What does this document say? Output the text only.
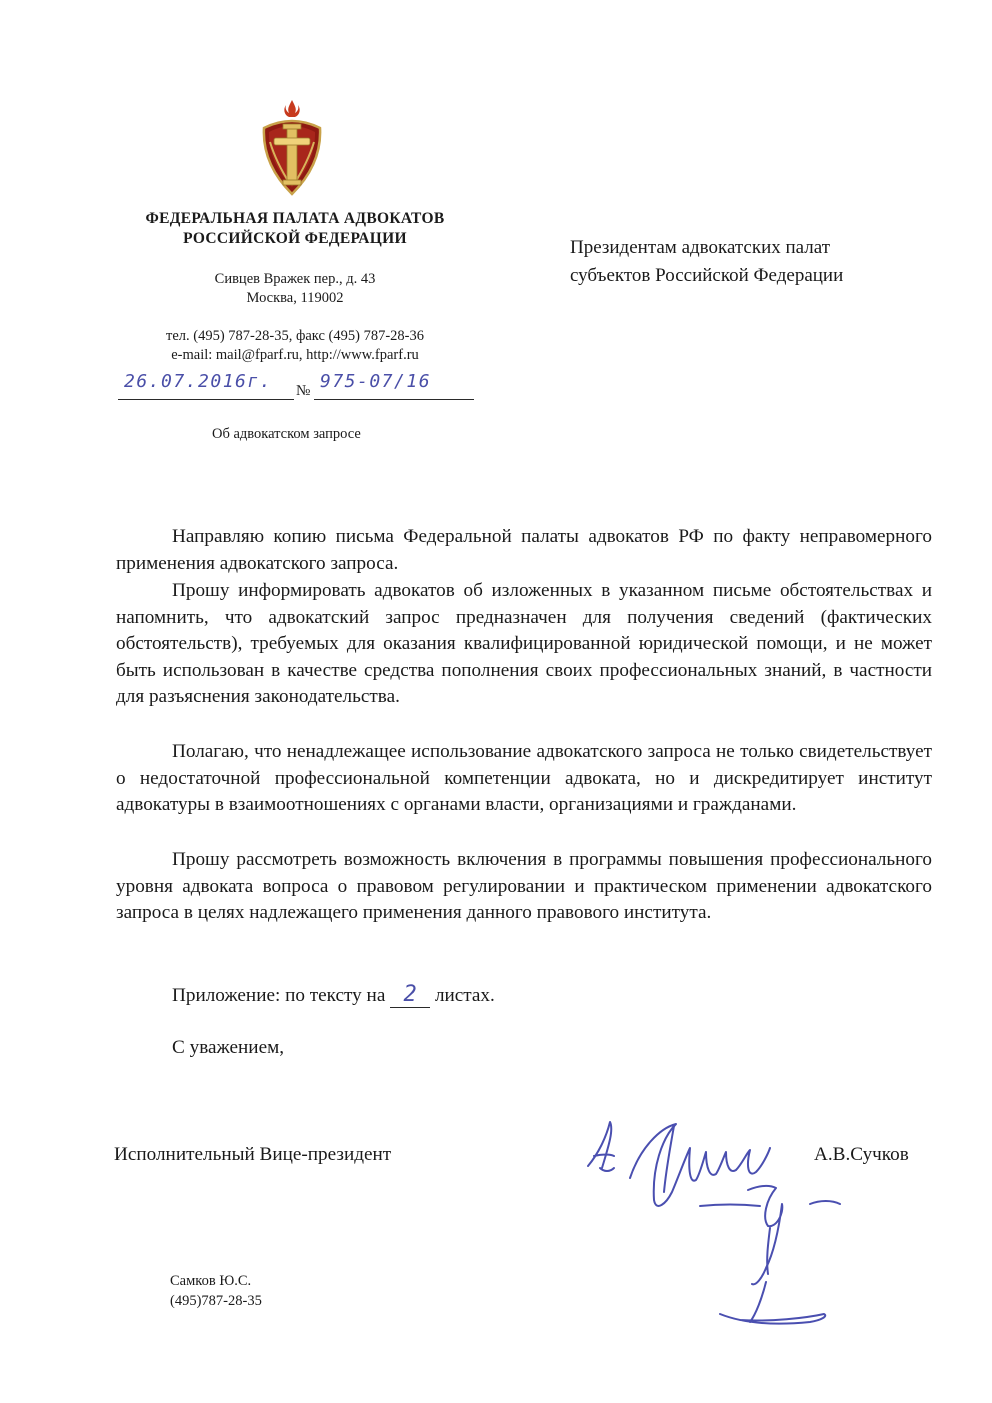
ФЕДЕРАЛЬНАЯ ПАЛАТА АДВОКАТОВ
РОССИЙСКОЙ ФЕДЕРАЦИИ
Сивцев Вражек пер., д. 43
Москва, 119002
тел. (495) 787-28-35, факс (495) 787-28-36
e-mail: mail@fparf.ru, http://www.fparf.ru
26.07.2016г. № 975-07/16
Об адвокатском запросе
Президентам адвокатских палат
субъектов Российской Федерации
Направляю копию письма Федеральной палаты адвокатов РФ по факту неправомерного применения адвокатского запроса.
Прошу информировать адвокатов об изложенных в указанном письме обстоятельствах и напомнить, что адвокатский запрос предназначен для получения сведений (фактических обстоятельств), требуемых для оказания квалифицированной юридической помощи, и не может быть использован в качестве средства пополнения своих профессиональных знаний, в частности для разъяснения законодательства.
Полагаю, что ненадлежащее использование адвокатского запроса не только свидетельствует о недостаточной профессиональной компетенции адвоката, но и дискредитирует институт адвокатуры в взаимоотношениях с органами власти, организациями и гражданами.
Прошу рассмотреть возможность включения в программы повышения профессионального уровня адвоката вопроса о правовом регулировании и практическом применении адвокатского запроса в целях надлежащего применения данного правового института.
Приложение: по тексту на 2 листах.
С уважением,
Исполнительный Вице-президент	А.В.Сучков
Самков Ю.С.
(495)787-28-35
